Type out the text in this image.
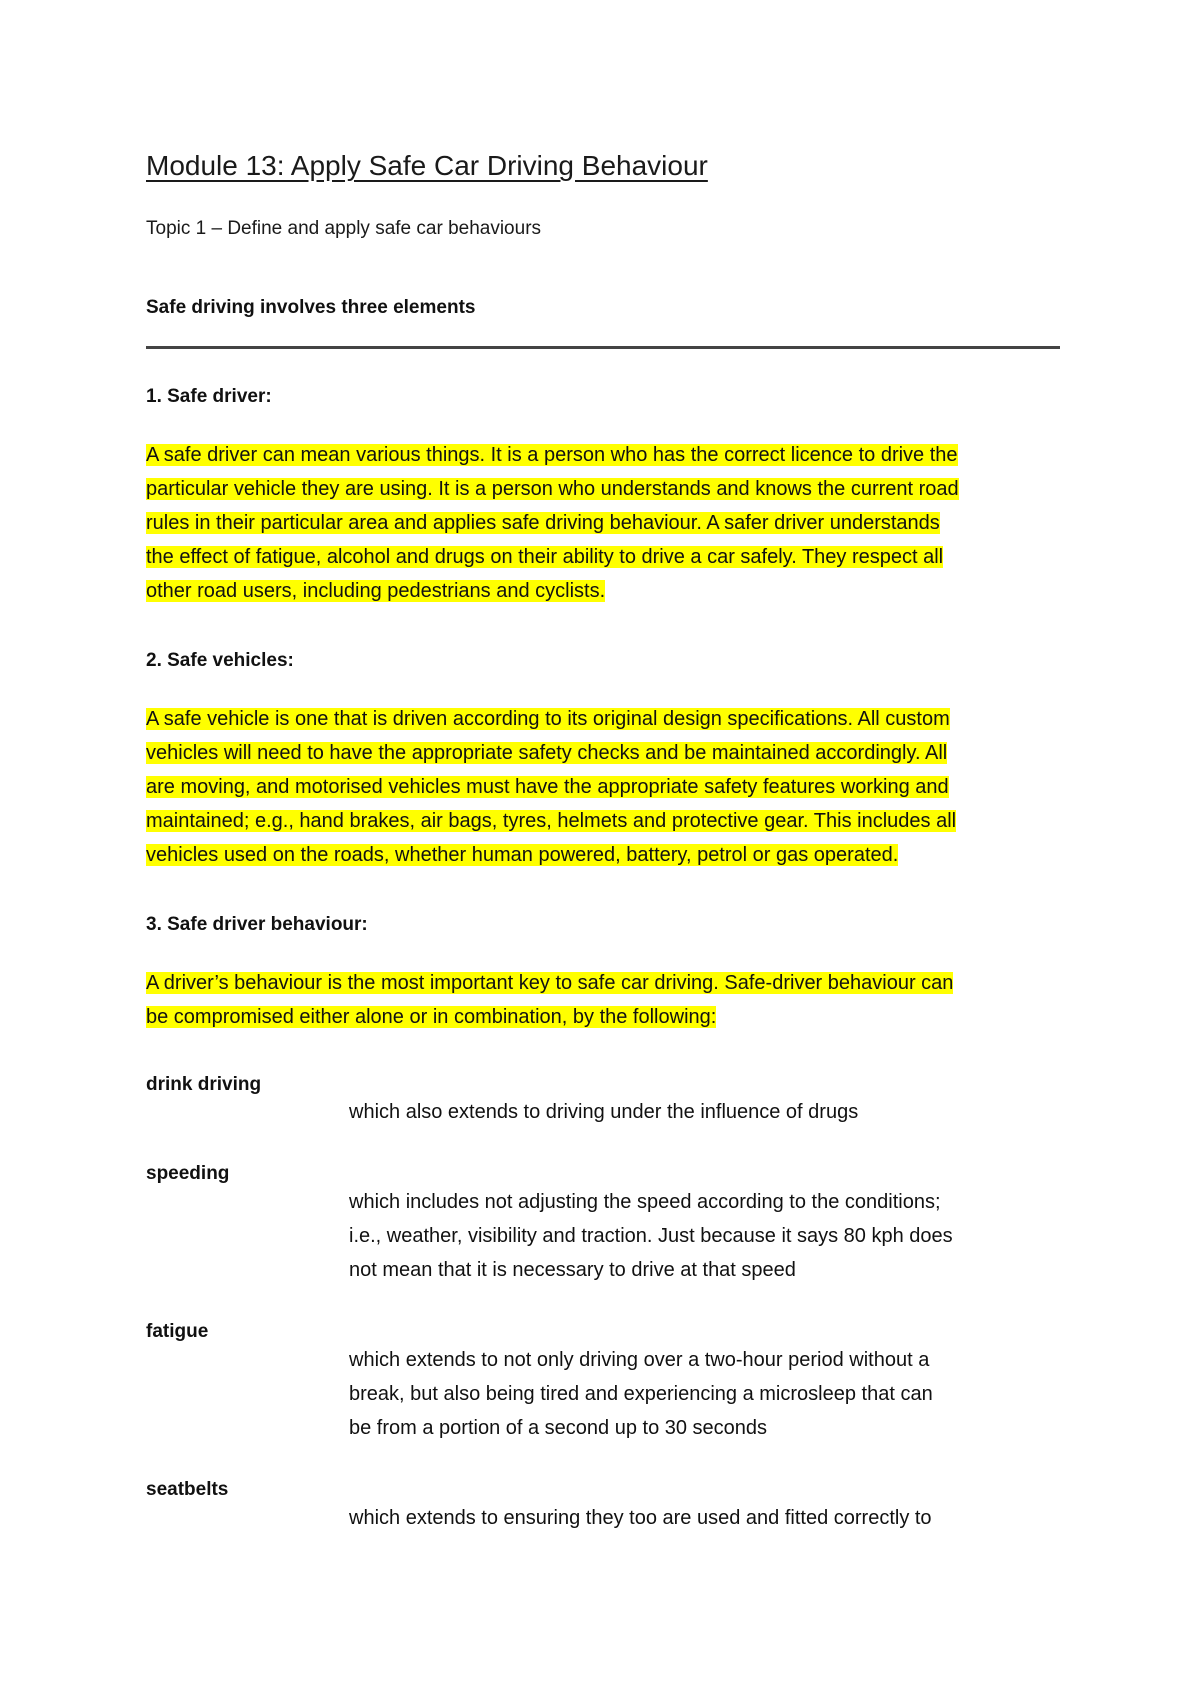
Module 13: Apply Safe Car Driving Behaviour
Topic 1 – Define and apply safe car behaviours
Safe driving involves three elements
1. Safe driver:
A safe driver can mean various things. It is a person who has the correct licence to drive the
particular vehicle they are using. It is a person who understands and knows the current road
rules in their particular area and applies safe driving behaviour. A safer driver understands
the effect of fatigue, alcohol and drugs on their ability to drive a car safely. They respect all
other road users, including pedestrians and cyclists.
2. Safe vehicles:
A safe vehicle is one that is driven according to its original design specifications. All custom
vehicles will need to have the appropriate safety checks and be maintained accordingly. All
are moving, and motorised vehicles must have the appropriate safety features working and
maintained; e.g., hand brakes, air bags, tyres, helmets and protective gear. This includes all
vehicles used on the roads, whether human powered, battery, petrol or gas operated.
3. Safe driver behaviour:
A driver’s behaviour is the most important key to safe car driving. Safe-driver behaviour can
be compromised either alone or in combination, by the following:
drink driving
which also extends to driving under the influence of drugs
speeding
which includes not adjusting the speed according to the conditions;
i.e., weather, visibility and traction. Just because it says 80 kph does
not mean that it is necessary to drive at that speed
fatigue
which extends to not only driving over a two-hour period without a
break, but also being tired and experiencing a microsleep that can
be from a portion of a second up to 30 seconds
seatbelts
which extends to ensuring they too are used and fitted correctly to
